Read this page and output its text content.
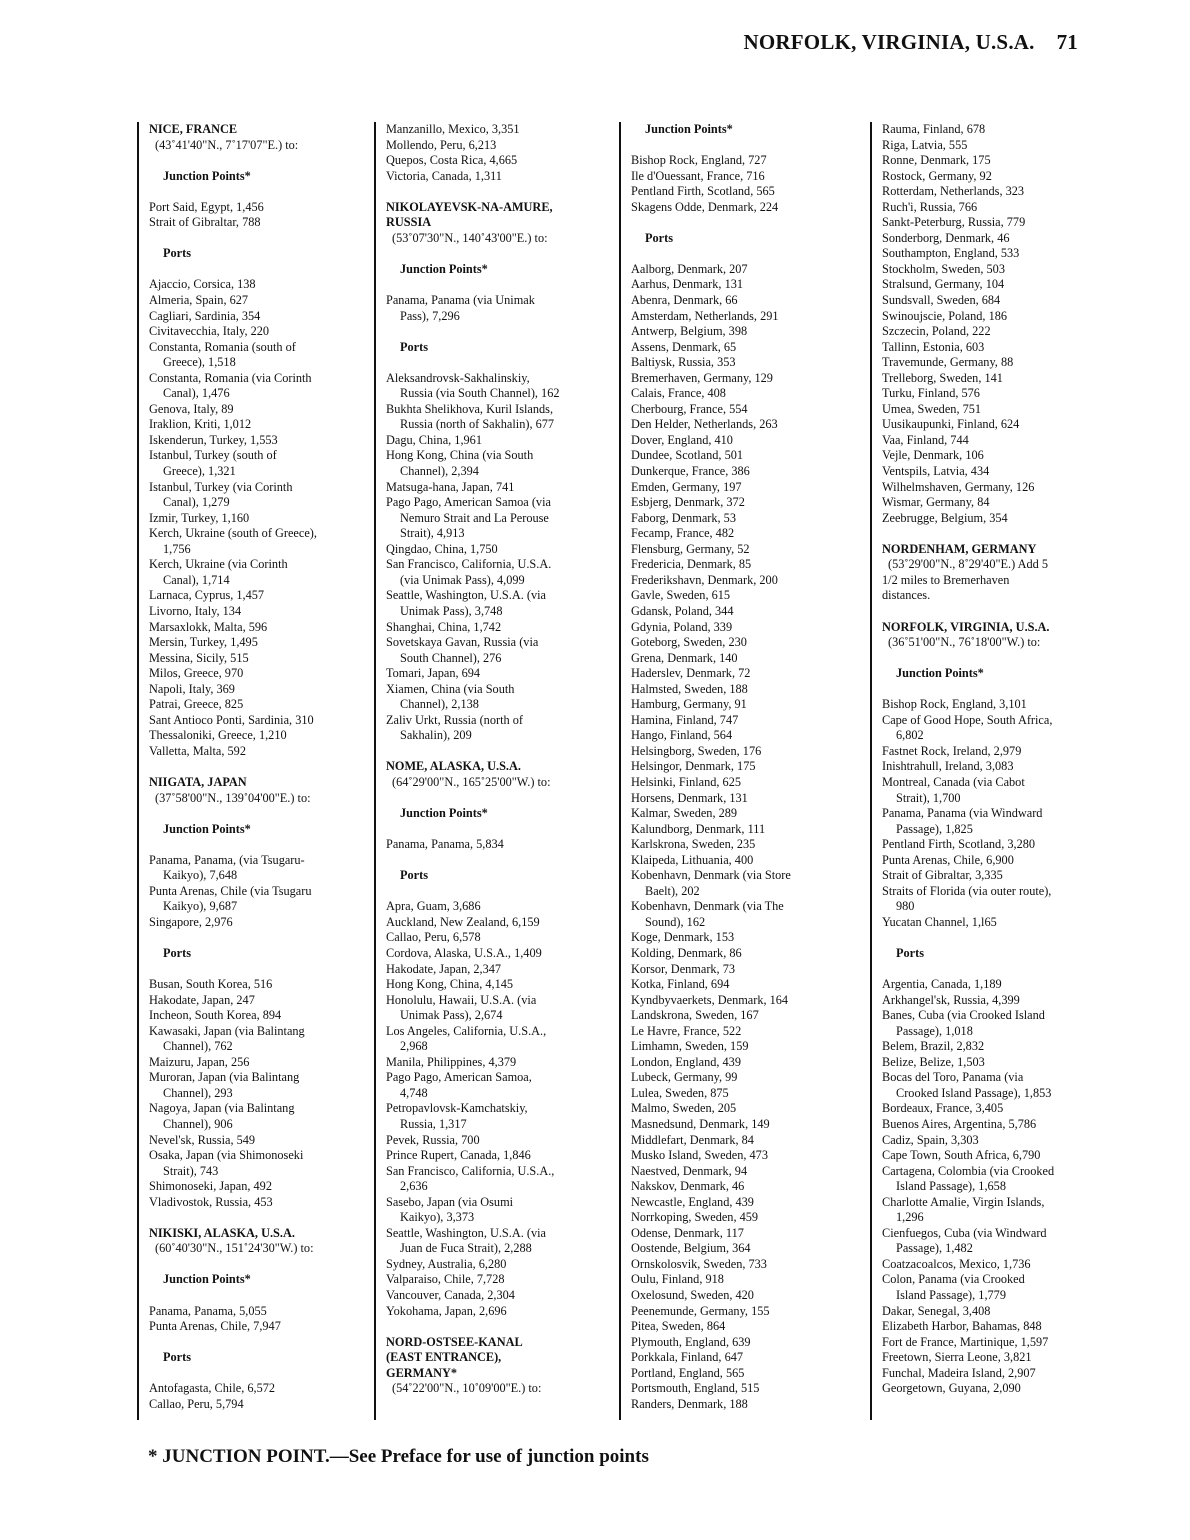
NORFOLK, VIRGINIA, U.S.A. 71
NICE, FRANCE
(43˚41'40"N., 7˚17'07"E.) to:
Junction Points*
Port Said, Egypt, 1,456
Strait of Gibraltar, 788
Ports
Ajaccio, Corsica, 138
Almeria, Spain, 627
Cagliari, Sardinia, 354
Civitavecchia, Italy, 220
Constanta, Romania (south of
Greece), 1,518
Constanta, Romania (via Corinth
Canal), 1,476
Genova, Italy, 89
Iraklion, Kriti, 1,012
Iskenderun, Turkey, 1,553
Istanbul, Turkey (south of
Greece), 1,321
Istanbul, Turkey (via Corinth
Canal), 1,279
Izmir, Turkey, 1,160
Kerch, Ukraine (south of Greece),
1,756
Kerch, Ukraine (via Corinth
Canal), 1,714
Larnaca, Cyprus, 1,457
Livorno, Italy, 134
Marsaxlokk, Malta, 596
Mersin, Turkey, 1,495
Messina, Sicily, 515
Milos, Greece, 970
Napoli, Italy, 369
Patrai, Greece, 825
Sant Antioco Ponti, Sardinia, 310
Thessaloniki, Greece, 1,210
Valletta, Malta, 592
NIIGATA, JAPAN
(37˚58'00"N., 139˚04'00"E.) to:
Junction Points*
Panama, Panama, (via Tsugaru-
Kaikyo), 7,648
Punta Arenas, Chile (via Tsugaru
Kaikyo), 9,687
Singapore, 2,976
Ports
Busan, South Korea, 516
Hakodate, Japan, 247
Incheon, South Korea, 894
Kawasaki, Japan (via Balintang
Channel), 762
Maizuru, Japan, 256
Muroran, Japan (via Balintang
Channel), 293
Nagoya, Japan (via Balintang
Channel), 906
Nevel'sk, Russia, 549
Osaka, Japan (via Shimonoseki
Strait), 743
Shimonoseki, Japan, 492
Vladivostok, Russia, 453
NIKISKI, ALASKA, U.S.A.
(60˚40'30"N., 151˚24'30"W.) to:
Junction Points*
Panama, Panama, 5,055
Punta Arenas, Chile, 7,947
Ports
Antofagasta, Chile, 6,572
Callao, Peru, 5,794
Manzanillo, Mexico, 3,351
Mollendo, Peru, 6,213
Quepos, Costa Rica, 4,665
Victoria, Canada, 1,311
NIKOLAYEVSK-NA-AMURE,
RUSSIA
(53˚07'30"N., 140˚43'00"E.) to:
Junction Points*
Panama, Panama (via Unimak
Pass), 7,296
Ports
Aleksandrovsk-Sakhalinskiy,
Russia (via South Channel), 162
Bukhta Shelikhova, Kuril Islands,
Russia (north of Sakhalin), 677
Dagu, China, 1,961
Hong Kong, China (via South
Channel), 2,394
Matsuga-hana, Japan, 741
Pago Pago, American Samoa (via
Nemuro Strait and La Perouse
Strait), 4,913
Qingdao, China, 1,750
San Francisco, California, U.S.A.
(via Unimak Pass), 4,099
Seattle, Washington, U.S.A. (via
Unimak Pass), 3,748
Shanghai, China, 1,742
Sovetskaya Gavan, Russia (via
South Channel), 276
Tomari, Japan, 694
Xiamen, China (via South
Channel), 2,138
Zaliv Urkt, Russia (north of
Sakhalin), 209
NOME, ALASKA, U.S.A.
(64˚29'00"N., 165˚25'00"W.) to:
Junction Points*
Panama, Panama, 5,834
Ports
Apra, Guam, 3,686
Auckland, New Zealand, 6,159
Callao, Peru, 6,578
Cordova, Alaska, U.S.A., 1,409
Hakodate, Japan, 2,347
Hong Kong, China, 4,145
Honolulu, Hawaii, U.S.A. (via
Unimak Pass), 2,674
Los Angeles, California, U.S.A.,
2,968
Manila, Philippines, 4,379
Pago Pago, American Samoa,
4,748
Petropavlovsk-Kamchatskiy,
Russia, 1,317
Pevek, Russia, 700
Prince Rupert, Canada, 1,846
San Francisco, California, U.S.A.,
2,636
Sasebo, Japan (via Osumi
Kaikyo), 3,373
Seattle, Washington, U.S.A. (via
Juan de Fuca Strait), 2,288
Sydney, Australia, 6,280
Valparaiso, Chile, 7,728
Vancouver, Canada, 2,304
Yokohama, Japan, 2,696
NORD-OSTSEE-KANAL
(EAST ENTRANCE),
GERMANY*
(54˚22'00"N., 10˚09'00"E.) to:
Junction Points*
Bishop Rock, England, 727
Ile d'Ouessant, France, 716
Pentland Firth, Scotland, 565
Skagens Odde, Denmark, 224
Ports
Aalborg, Denmark, 207
Aarhus, Denmark, 131
Abenra, Denmark, 66
Amsterdam, Netherlands, 291
Antwerp, Belgium, 398
Assens, Denmark, 65
Baltiysk, Russia, 353
Bremerhaven, Germany, 129
Calais, France, 408
Cherbourg, France, 554
Den Helder, Netherlands, 263
Dover, England, 410
Dundee, Scotland, 501
Dunkerque, France, 386
Emden, Germany, 197
Esbjerg, Denmark, 372
Faborg, Denmark, 53
Fecamp, France, 482
Flensburg, Germany, 52
Fredericia, Denmark, 85
Frederikshavn, Denmark, 200
Gavle, Sweden, 615
Gdansk, Poland, 344
Gdynia, Poland, 339
Goteborg, Sweden, 230
Grena, Denmark, 140
Haderslev, Denmark, 72
Halmsted, Sweden, 188
Hamburg, Germany, 91
Hamina, Finland, 747
Hango, Finland, 564
Helsingborg, Sweden, 176
Helsingor, Denmark, 175
Helsinki, Finland, 625
Horsens, Denmark, 131
Kalmar, Sweden, 289
Kalundborg, Denmark, 111
Karlskrona, Sweden, 235
Klaipeda, Lithuania, 400
Kobenhavn, Denmark (via Store
Baelt), 202
Kobenhavn, Denmark (via The
Sound), 162
Koge, Denmark, 153
Kolding, Denmark, 86
Korsor, Denmark, 73
Kotka, Finland, 694
Kyndbyvaerkets, Denmark, 164
Landskrona, Sweden, 167
Le Havre, France, 522
Limhamn, Sweden, 159
London, England, 439
Lubeck, Germany, 99
Lulea, Sweden, 875
Malmo, Sweden, 205
Masnedsund, Denmark, 149
Middlefart, Denmark, 84
Musko Island, Sweden, 473
Naestved, Denmark, 94
Nakskov, Denmark, 46
Newcastle, England, 439
Norrkoping, Sweden, 459
Odense, Denmark, 117
Oostende, Belgium, 364
Ornskolosvik, Sweden, 733
Oulu, Finland, 918
Oxelosund, Sweden, 420
Peenemunde, Germany, 155
Pitea, Sweden, 864
Plymouth, England, 639
Porkkala, Finland, 647
Portland, England, 565
Portsmouth, England, 515
Randers, Denmark, 188
Rauma, Finland, 678
Riga, Latvia, 555
Ronne, Denmark, 175
Rostock, Germany, 92
Rotterdam, Netherlands, 323
Ruch'i, Russia, 766
Sankt-Peterburg, Russia, 779
Sonderborg, Denmark, 46
Southampton, England, 533
Stockholm, Sweden, 503
Stralsund, Germany, 104
Sundsvall, Sweden, 684
Swinoujscie, Poland, 186
Szczecin, Poland, 222
Tallinn, Estonia, 603
Travemunde, Germany, 88
Trelleborg, Sweden, 141
Turku, Finland, 576
Umea, Sweden, 751
Uusikaupunki, Finland, 624
Vaa, Finland, 744
Vejle, Denmark, 106
Ventspils, Latvia, 434
Wilhelmshaven, Germany, 126
Wismar, Germany, 84
Zeebrugge, Belgium, 354
NORDENHAM, GERMANY
(53˚29'00"N., 8˚29'40"E.) Add 5
1/2 miles to Bremerhaven
distances.
NORFOLK, VIRGINIA, U.S.A.
(36˚51'00"N., 76˚18'00"W.) to:
Junction Points*
Bishop Rock, England, 3,101
Cape of Good Hope, South Africa,
6,802
Fastnet Rock, Ireland, 2,979
Inishtrahull, Ireland, 3,083
Montreal, Canada (via Cabot
Strait), 1,700
Panama, Panama (via Windward
Passage), 1,825
Pentland Firth, Scotland, 3,280
Punta Arenas, Chile, 6,900
Strait of Gibraltar, 3,335
Straits of Florida (via outer route),
980
Yucatan Channel, 1,l65
Ports
Argentia, Canada, 1,189
Arkhangel'sk, Russia, 4,399
Banes, Cuba (via Crooked Island
Passage), 1,018
Belem, Brazil, 2,832
Belize, Belize, 1,503
Bocas del Toro, Panama (via
Crooked Island Passage), 1,853
Bordeaux, France, 3,405
Buenos Aires, Argentina, 5,786
Cadiz, Spain, 3,303
Cape Town, South Africa, 6,790
Cartagena, Colombia (via Crooked
Island Passage), 1,658
Charlotte Amalie, Virgin Islands,
1,296
Cienfuegos, Cuba (via Windward
Passage), 1,482
Coatzacoalcos, Mexico, 1,736
Colon, Panama (via Crooked
Island Passage), 1,779
Dakar, Senegal, 3,408
Elizabeth Harbor, Bahamas, 848
Fort de France, Martinique, 1,597
Freetown, Sierra Leone, 3,821
Funchal, Madeira Island, 2,907
Georgetown, Guyana, 2,090
* JUNCTION POINT.—See Preface for use of junction points
